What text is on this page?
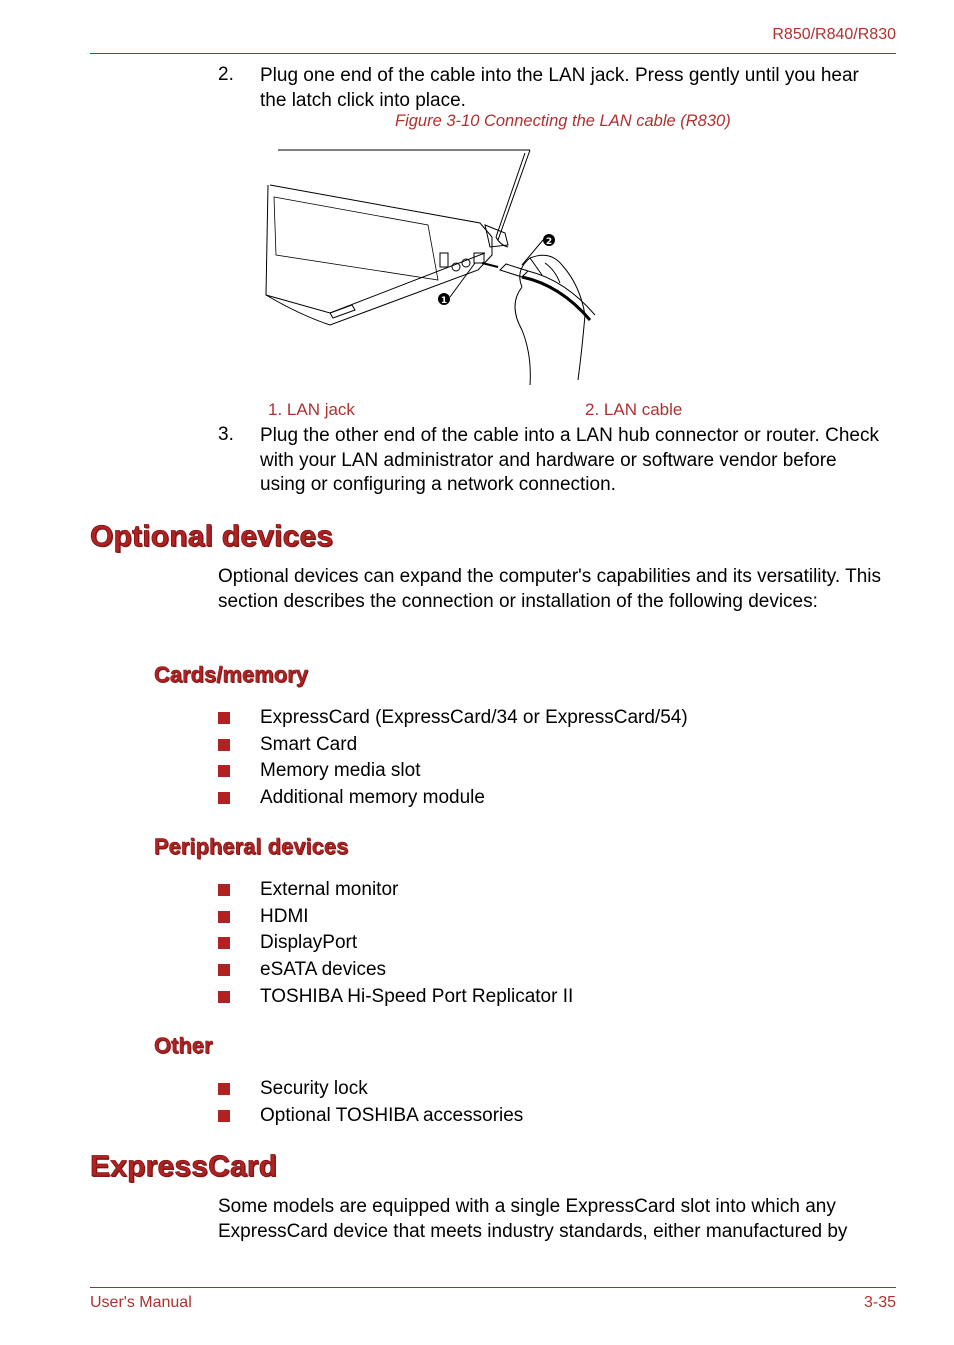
R850/R840/R830
2. Plug one end of the cable into the LAN jack. Press gently until you hear the latch click into place.
Figure 3-10 Connecting the LAN cable (R830)
1
2
1. LAN jack	2. LAN cable
3. Plug the other end of the cable into a LAN hub connector or router. Check with your LAN administrator and hardware or software vendor before using or configuring a network connection.
Optional devices
Optional devices can expand the computer's capabilities and its versatility. This section describes the connection or installation of the following devices:
Cards/memory
ExpressCard (ExpressCard/34 or ExpressCard/54)
Smart Card
Memory media slot
Additional memory module
Peripheral devices
External monitor
HDMI
DisplayPort
eSATA devices
TOSHIBA Hi-Speed Port Replicator II
Other
Security lock
Optional TOSHIBA accessories
ExpressCard
Some models are equipped with a single ExpressCard slot into which any ExpressCard device that meets industry standards, either manufactured by
User's Manual	3-35
